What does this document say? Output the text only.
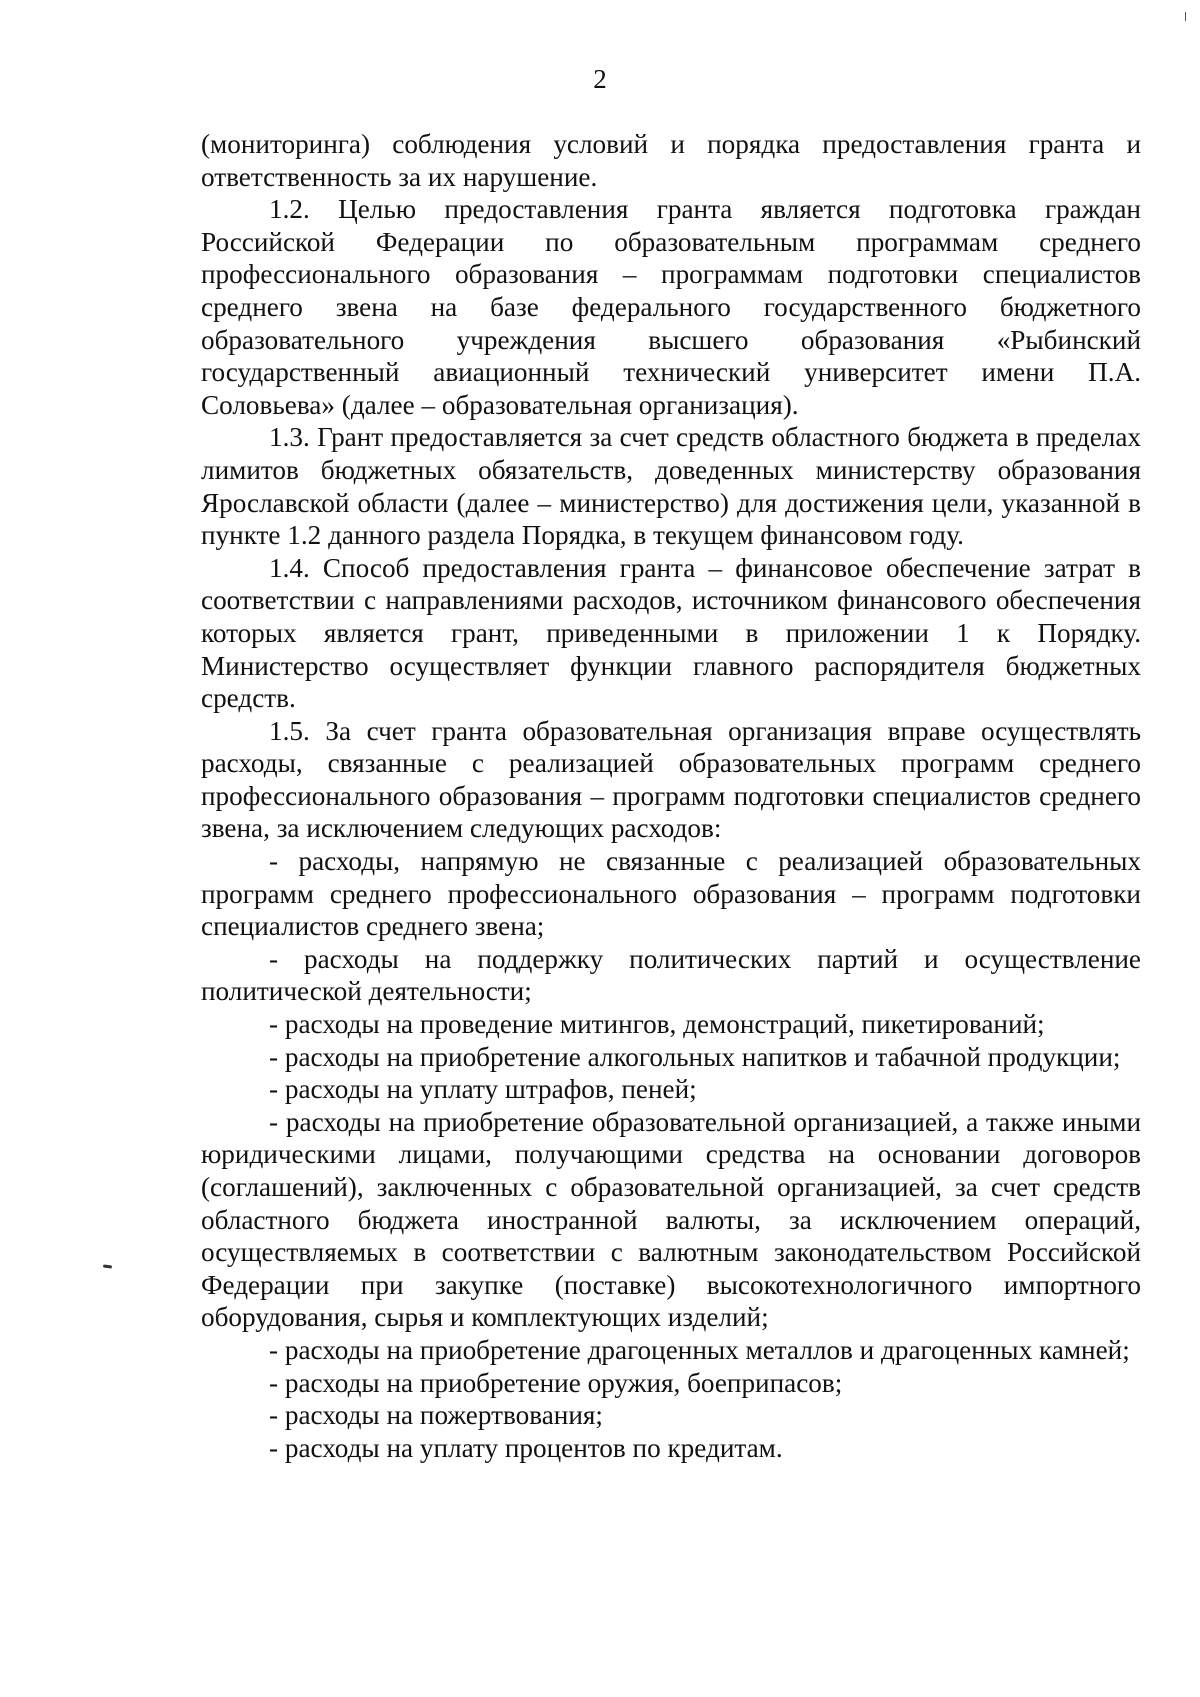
2

(мониторинга) соблюдения условий и порядка предоставления гранта и ответственность за их нарушение.

1.2. Целью предоставления гранта является подготовка граждан Российской Федерации по образовательным программам среднего профессионального образования – программам подготовки специалистов среднего звена на базе федерального государственного бюджетного образовательного учреждения высшего образования «Рыбинский государственный авиационный технический университет имени П.А. Соловьева» (далее – образовательная организация).

1.3. Грант предоставляется за счет средств областного бюджета в пределах лимитов бюджетных обязательств, доведенных министерству образования Ярославской области (далее – министерство) для достижения цели, указанной в пункте 1.2 данного раздела Порядка, в текущем финансовом году.

1.4. Способ предоставления гранта – финансовое обеспечение затрат в соответствии с направлениями расходов, источником финансового обеспечения которых является грант, приведенными в приложении 1 к Порядку. Министерство осуществляет функции главного распорядителя бюджетных средств.

1.5. За счет гранта образовательная организация вправе осуществлять расходы, связанные с реализацией образовательных программ среднего профессионального образования – программ подготовки специалистов среднего звена, за исключением следующих расходов:

- расходы, напрямую не связанные с реализацией образовательных программ среднего профессионального образования – программ подготовки специалистов среднего звена;

- расходы на поддержку политических партий и осуществление политической деятельности;

- расходы на проведение митингов, демонстраций, пикетирований;

- расходы на приобретение алкогольных напитков и табачной продукции;

- расходы на уплату штрафов, пеней;

- расходы на приобретение образовательной организацией, а также иными юридическими лицами, получающими средства на основании договоров (соглашений), заключенных с образовательной организацией, за счет средств областного бюджета иностранной валюты, за исключением операций, осуществляемых в соответствии с валютным законодательством Российской Федерации при закупке (поставке) высокотехнологичного импортного оборудования, сырья и комплектующих изделий;

- расходы на приобретение драгоценных металлов и драгоценных камней;

- расходы на приобретение оружия, боеприпасов;

- расходы на пожертвования;

- расходы на уплату процентов по кредитам.
